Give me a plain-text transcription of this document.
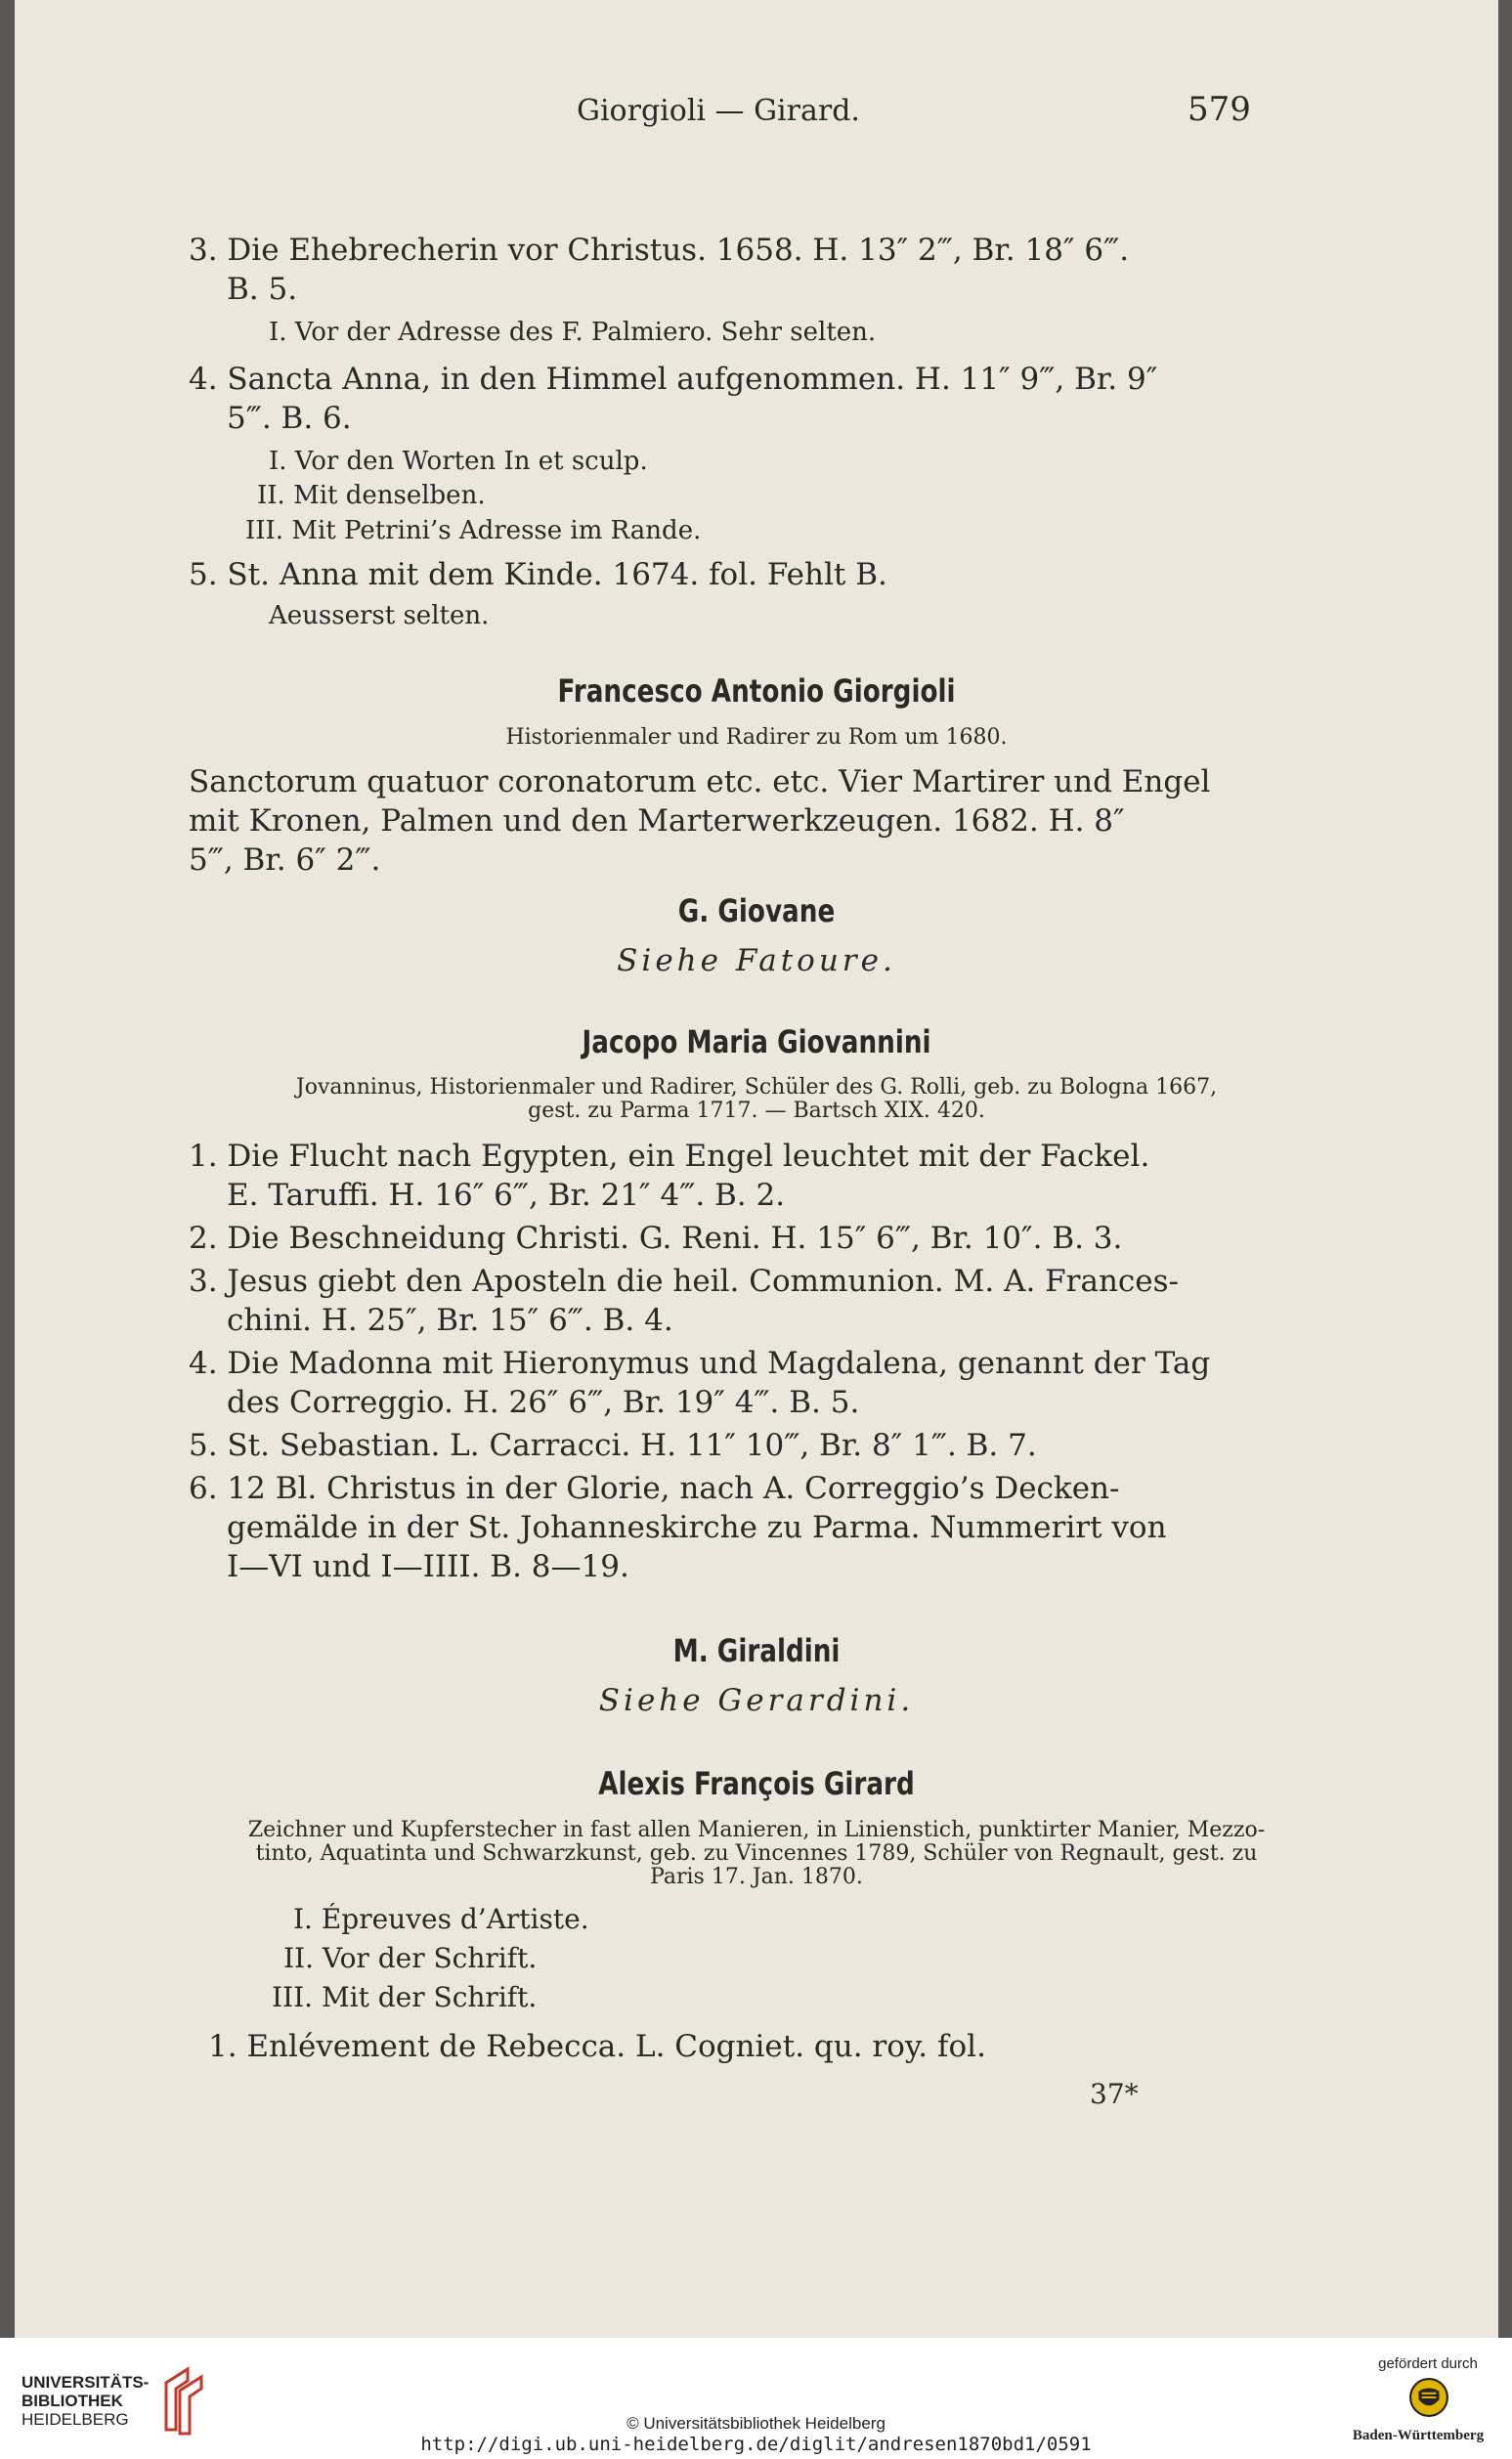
Giorgioli — Girard.	579
3. Die Ehebrecherin vor Christus. 1658. H. 13″ 2‴, Br. 18″ 6‴.
B. 5.
I. Vor der Adresse des F. Palmiero. Sehr selten.
4. Sancta Anna, in den Himmel aufgenommen. H. 11″ 9‴, Br. 9″
5‴. B. 6.
I. Vor den Worten In et sculp.
II. Mit denselben.
III. Mit Petrini’s Adresse im Rande.
5. St. Anna mit dem Kinde. 1674. fol. Fehlt B.
Aeusserst selten.
Francesco Antonio Giorgioli
Historienmaler und Radirer zu Rom um 1680.
Sanctorum quatuor coronatorum etc. etc. Vier Martirer und Engel
mit Kronen, Palmen und den Marterwerkzeugen. 1682. H. 8″
5‴, Br. 6″ 2‴.
G. Giovane
Siehe Fatoure.
Jacopo Maria Giovannini
Jovanninus, Historienmaler und Radirer, Schüler des G. Rolli, geb. zu Bologna 1667,
gest. zu Parma 1717. — Bartsch XIX. 420.
1. Die Flucht nach Egypten, ein Engel leuchtet mit der Fackel.
E. Taruffi. H. 16″ 6‴, Br. 21″ 4‴. B. 2.
2. Die Beschneidung Christi. G. Reni. H. 15″ 6‴, Br. 10″. B. 3.
3. Jesus giebt den Aposteln die heil. Communion. M. A. Frances-
chini. H. 25″, Br. 15″ 6‴. B. 4.
4. Die Madonna mit Hieronymus und Magdalena, genannt der Tag
des Correggio. H. 26″ 6‴, Br. 19″ 4‴. B. 5.
5. St. Sebastian. L. Carracci. H. 11″ 10‴, Br. 8″ 1‴. B. 7.
6. 12 Bl. Christus in der Glorie, nach A. Correggio’s Decken-
gemälde in der St. Johanneskirche zu Parma. Nummerirt von
I—VI und I—IIII. B. 8—19.
M. Giraldini
Siehe Gerardini.
Alexis François Girard
Zeichner und Kupferstecher in fast allen Manieren, in Linienstich, punktirter Manier, Mezzo-
tinto, Aquatinta und Schwarzkunst, geb. zu Vincennes 1789, Schüler von Regnault, gest. zu
Paris 17. Jan. 1870.
I. Épreuves d’Artiste.
II. Vor der Schrift.
III. Mit der Schrift.
1. Enlévement de Rebecca. L. Cogniet. qu. roy. fol.
37*
UNIVERSITÄTS-
BIBLIOTHEK
HEIDELBERG	© Universitätsbibliothek Heidelberg
http://digi.ub.uni-heidelberg.de/diglit/andresen1870bd1/0591
gefördert durch
Baden-Württemberg
